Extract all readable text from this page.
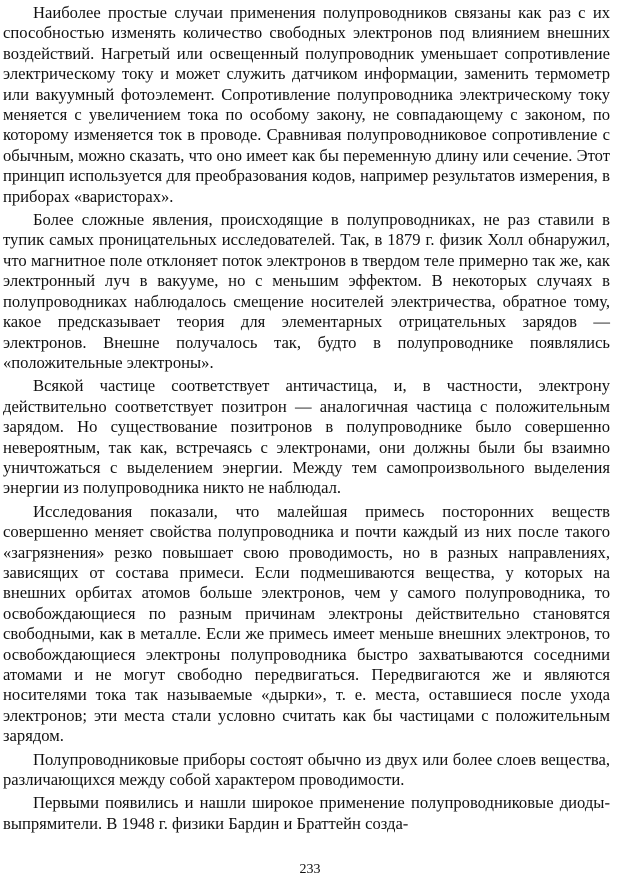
Наиболее простые случаи применения полупроводников связаны как раз с их способностью изменять количество свободных электронов под влиянием внешних воздействий. Нагретый или освещенный полупроводник уменьшает сопротивление электрическому току и может служить датчиком информации, заменить термометр или вакуумный фотоэлемент. Сопротивление полупроводника электрическому току меняется с увеличением тока по особому закону, не совпадающему с законом, по которому изменяется ток в проводе. Сравнивая полупроводниковое сопротивление с обычным, можно сказать, что оно имеет как бы переменную длину или сечение. Этот принцип используется для преобразования кодов, например результатов измерения, в приборах «варисторах».

Более сложные явления, происходящие в полупроводниках, не раз ставили в тупик самых проницательных исследователей. Так, в 1879 г. физик Холл обнаружил, что магнитное поле отклоняет поток электронов в твердом теле примерно так же, как электронный луч в вакууме, но с меньшим эффектом. В некоторых случаях в полупроводниках наблюдалось смещение носителей электричества, обратное тому, какое предсказывает теория для элементарных отрицательных зарядов — электронов. Внешне получалось так, будто в полупроводнике появлялись «положительные электроны».

Всякой частице соответствует античастица, и, в частности, электрону действительно соответствует позитрон — аналогичная частица с положительным зарядом. Но существование позитронов в полупроводнике было совершенно невероятным, так как, встречаясь с электронами, они должны были бы взаимно уничтожаться с выделением энергии. Между тем самопроизвольного выделения энергии из полупроводника никто не наблюдал.

Исследования показали, что малейшая примесь посторонних веществ совершенно меняет свойства полупроводника и почти каждый из них после такого «загрязнения» резко повышает свою проводимость, но в разных направлениях, зависящих от состава примеси. Если подмешиваются вещества, у которых на внешних орбитах атомов больше электронов, чем у самого полупроводника, то освобождающиеся по разным причинам электроны действительно становятся свободными, как в металле. Если же примесь имеет меньше внешних электронов, то освобождающиеся электроны полупроводника быстро захватываются соседними атомами и не могут свободно передвигаться. Передвигаются же и являются носителями тока так называемые «дырки», т. е. места, оставшиеся после ухода электронов; эти места стали условно считать как бы частицами с положительным зарядом.

Полупроводниковые приборы состоят обычно из двух или более слоев вещества, различающихся между собой характером проводимости.

Первыми появились и нашли широкое применение полупроводниковые диоды-выпрямители. В 1948 г. физики Бардин и Браттейн созда-

233
